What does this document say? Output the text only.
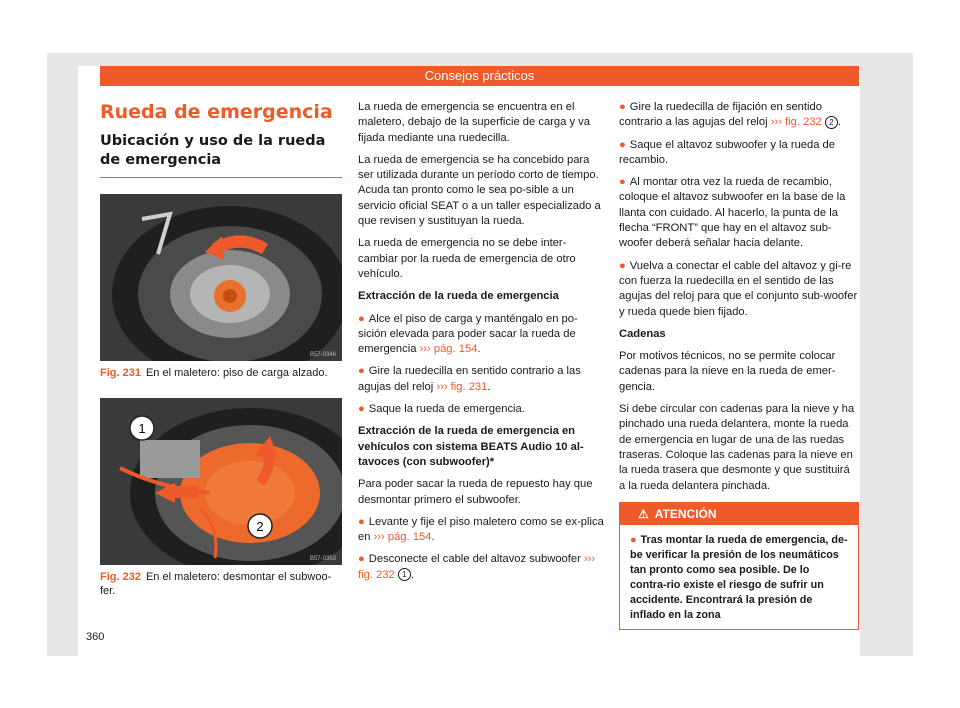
Consejos prácticos
Rueda de emergencia
Ubicación y uso de la rueda de emergencia
B57-0346
Fig. 231 En el maletero: piso de carga alzado.
1
2
B57-0353
Fig. 232 En el maletero: desmontar el subwoo-fer.

La rueda de emergencia se encuentra en el maletero, debajo de la superficie de carga y va fijada mediante una ruedecilla.

La rueda de emergencia se ha concebido para ser utilizada durante un período corto de tiempo. Acuda tan pronto como le sea po-sible a un servicio oficial SEAT o a un taller especializado a que revisen y sustituyan la rueda.

La rueda de emergencia no se debe inter-cambiar por la rueda de emergencia de otro vehículo.

Extracción de la rueda de emergencia

● Alce el piso de carga y manténgalo en po-sición elevada para poder sacar la rueda de emergencia ››› pág. 154.

● Gire la ruedecilla en sentido contrario a las agujas del reloj ››› fig. 231.

● Saque la rueda de emergencia.

Extracción de la rueda de emergencia en vehículos con sistema BEATS Audio 10 al-tavoces (con subwoofer)*

Para poder sacar la rueda de repuesto hay que desmontar primero el subwoofer.

● Levante y fije el piso maletero como se ex-plica en ››› pág. 154.

● Desconecte el cable del altavoz subwoofer ››› fig. 232 1 .

● Gire la ruedecilla de fijación en sentido contrario a las agujas del reloj ››› fig. 232 2 .

● Saque el altavoz subwoofer y la rueda de recambio.

● Al montar otra vez la rueda de recambio, coloque el altavoz subwoofer en la base de la llanta con cuidado. Al hacerlo, la punta de la flecha “FRONT” que hay en el altavoz sub-woofer deberá señalar hacia delante.

● Vuelva a conectar el cable del altavoz y gi-re con fuerza la ruedecilla en el sentido de las agujas del reloj para que el conjunto sub-woofer y rueda quede bien fijado.

Cadenas

Por motivos técnicos, no se permite colocar cadenas para la nieve en la rueda de emer-gencia.

Si debe circular con cadenas para la nieve y ha pinchado una rueda delantera, monte la rueda de emergencia en lugar de una de las ruedas traseras. Coloque las cadenas para la nieve en la rueda trasera que desmonte y que sustituirá a la rueda delantera pinchada.

⚠ ATENCIÓN
● Tras montar la rueda de emergencia, de-be verificar la presión de los neumáticos tan pronto como sea posible. De lo contra-rio existe el riesgo de sufrir un accidente. Encontrará la presión de inflado en la zona
360
